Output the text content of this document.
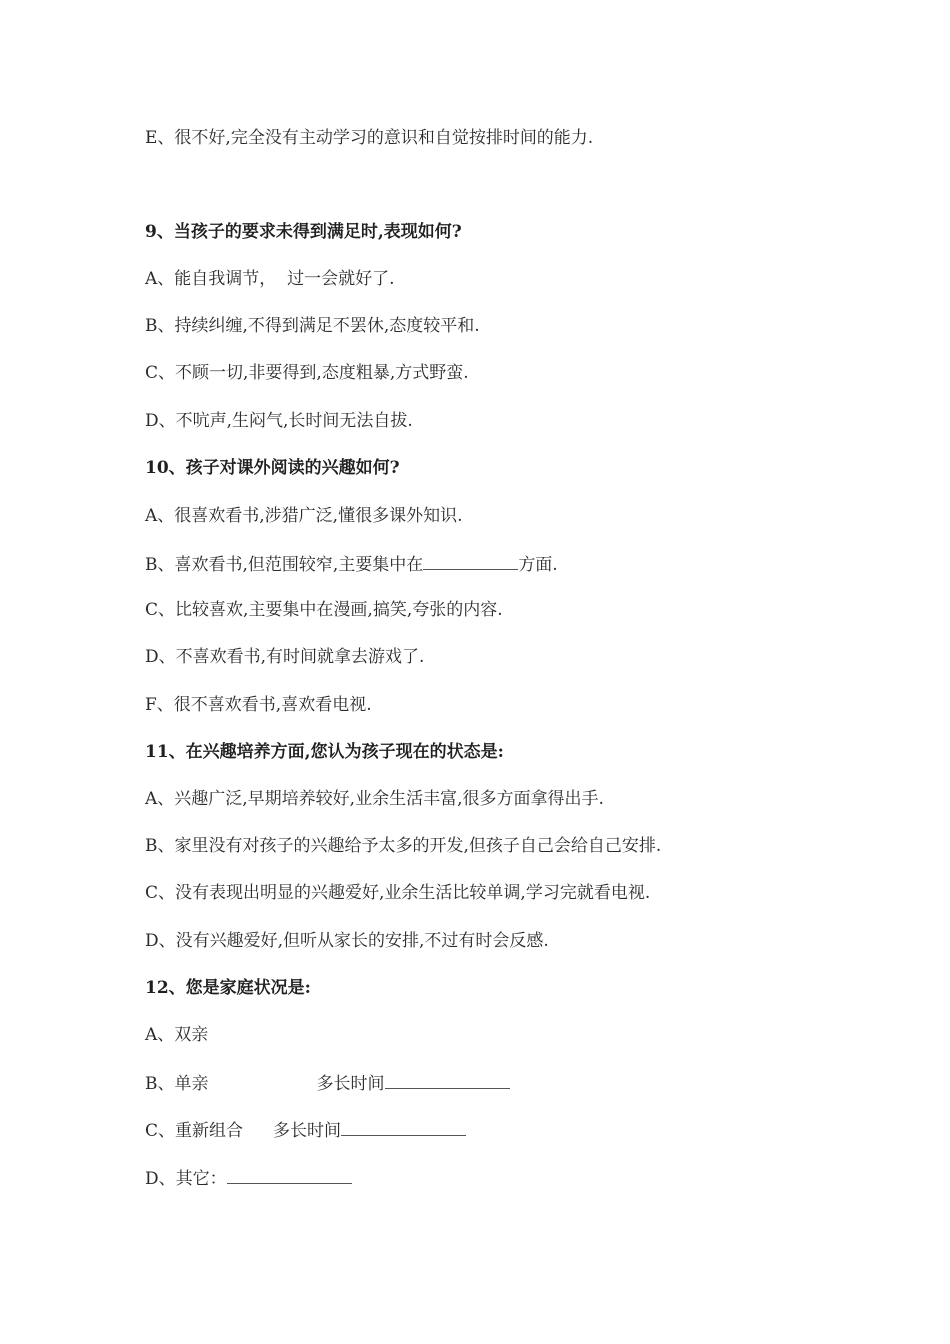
E、很不好,完全没有主动学习的意识和自觉按排时间的能力.
9、当孩子的要求未得到满足时,表现如何?
A、能自我调节，  过一会就好了.
B、持续纠缠,不得到满足不罢休,态度较平和.
C、不顾一切,非要得到,态度粗暴,方式野蛮.
D、不吭声,生闷气,长时间无法自拔.
10、孩子对课外阅读的兴趣如何?
A、很喜欢看书,涉猎广泛,懂很多课外知识.
B、喜欢看书,但范围较窄,主要集中在	方面.
C、比较喜欢,主要集中在漫画,搞笑,夸张的内容.
D、不喜欢看书,有时间就拿去游戏了.
F、很不喜欢看书,喜欢看电视.
11、在兴趣培养方面,您认为孩子现在的状态是:
A、兴趣广泛,早期培养较好,业余生活丰富,很多方面拿得出手.
B、家里没有对孩子的兴趣给予太多的开发,但孩子自己会给自己安排.
C、没有表现出明显的兴趣爱好,业余生活比较单调,学习完就看电视.
D、没有兴趣爱好,但听从家长的安排,不过有时会反感.
12、您是家庭状况是:
A、双亲
B、单亲	多长时间
C、重新组合 多长时间
D、其它：
